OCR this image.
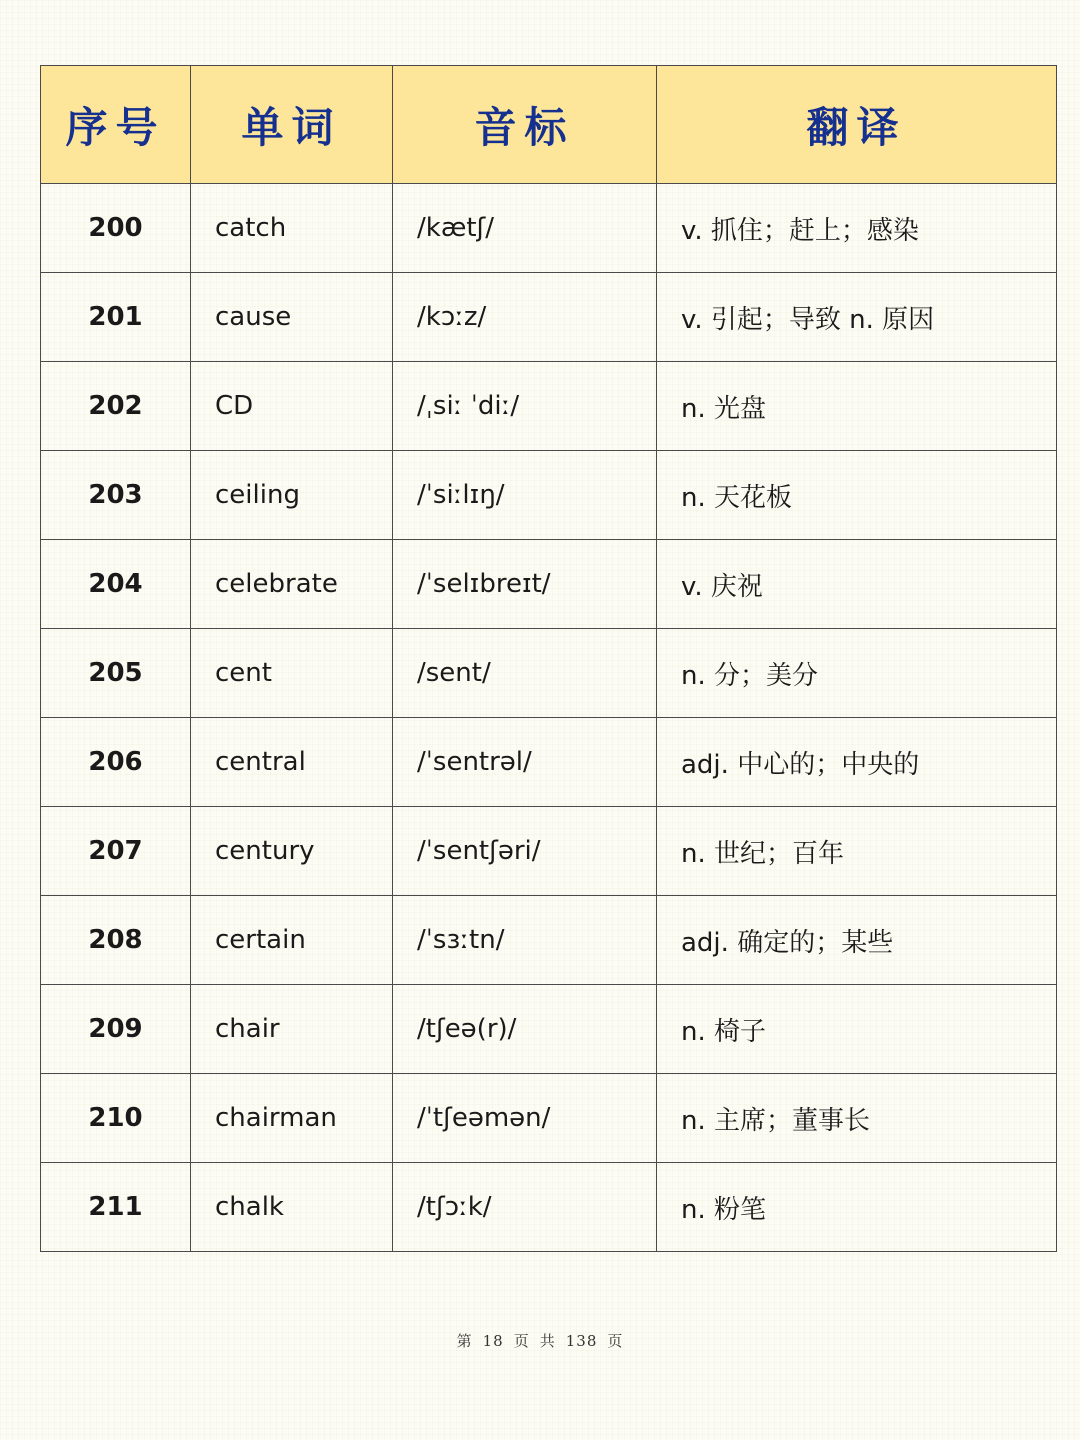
序号	单词	音标	翻译
200	catch	/kætʃ/	v. 抓住；赶上；感染
201	cause	/kɔːz/	v. 引起；导致 n. 原因
202	CD	/ˌsiː ˈdiː/	n. 光盘
203	ceiling	/ˈsiːlɪŋ/	n. 天花板
204	celebrate	/ˈselɪbreɪt/	v. 庆祝
205	cent	/sent/	n. 分；美分
206	central	/ˈsentrəl/	adj. 中心的；中央的
207	century	/ˈsentʃəri/	n. 世纪；百年
208	certain	/ˈsɜːtn/	adj. 确定的；某些
209	chair	/tʃeə(r)/	n. 椅子
210	chairman	/ˈtʃeəmən/	n. 主席；董事长
211	chalk	/tʃɔːk/	n. 粉笔
第 18 页 共 138 页
